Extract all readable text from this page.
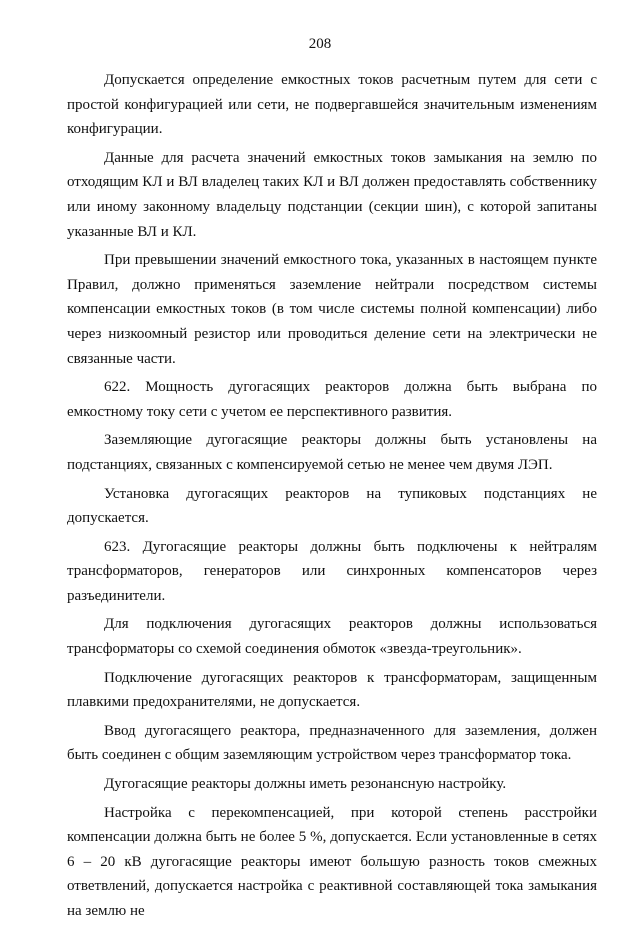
208

Допускается определение емкостных токов расчетным путем для сети с простой конфигурацией или сети, не подвергавшейся значительным изменениям конфигурации.

Данные для расчета значений емкостных токов замыкания на землю по отходящим КЛ и ВЛ владелец таких КЛ и ВЛ должен предоставлять собственнику или иному законному владельцу подстанции (секции шин), с которой запитаны указанные ВЛ и КЛ.

При превышении значений емкостного тока, указанных в настоящем пункте Правил, должно применяться заземление нейтрали посредством системы компенсации емкостных токов (в том числе системы полной компенсации) либо через низкоомный резистор или проводиться деление сети на электрически не связанные части.

622. Мощность дугогасящих реакторов должна быть выбрана по емкостному току сети с учетом ее перспективного развития.

Заземляющие дугогасящие реакторы должны быть установлены на подстанциях, связанных с компенсируемой сетью не менее чем двумя ЛЭП.

Установка дугогасящих реакторов на тупиковых подстанциях не допускается.

623. Дугогасящие реакторы должны быть подключены к нейтралям трансформаторов, генераторов или синхронных компенсаторов через разъединители.

Для подключения дугогасящих реакторов должны использоваться трансформаторы со схемой соединения обмоток «звезда-треугольник».

Подключение дугогасящих реакторов к трансформаторам, защищенным плавкими предохранителями, не допускается.

Ввод дугогасящего реактора, предназначенного для заземления, должен быть соединен с общим заземляющим устройством через трансформатор тока.

Дугогасящие реакторы должны иметь резонансную настройку.

Настройка с перекомпенсацией, при которой степень расстройки компенсации должна быть не более 5 %, допускается. Если установленные в сетях 6 – 20 кВ дугогасящие реакторы имеют большую разность токов смежных ответвлений, допускается настройка с реактивной составляющей тока замыкания на землю не
